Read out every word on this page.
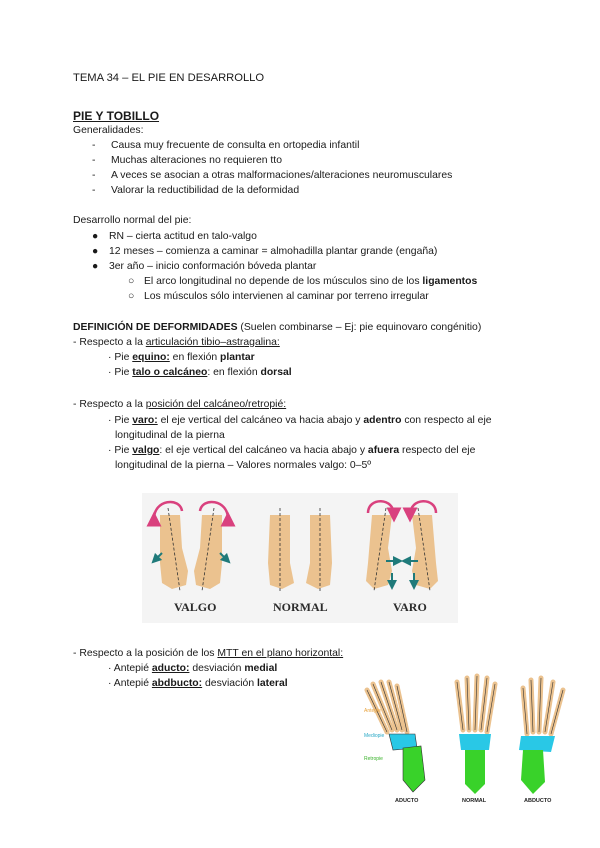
TEMA 34 – EL PIE EN DESARROLLO
PIE Y TOBILLO
Generalidades:
- Causa muy frecuente de consulta en ortopedia infantil
- Muchas alteraciones no requieren tto
- A veces se asocian a otras malformaciones/alteraciones neuromusculares
- Valorar la reductibilidad de la deformidad
Desarrollo normal del pie:
● RN – cierta actitud en talo-valgo
● 12 meses – comienza a caminar = almohadilla plantar grande (engaña)
● 3er año – inicio conformación bóveda plantar
○ El arco longitudinal no depende de los músculos sino de los ligamentos
○ Los músculos sólo intervienen al caminar por terreno irregular
DEFINICIÓN DE DEFORMIDADES (Suelen combinarse – Ej: pie equinovaro congénitio)
- Respecto a la articulación tibio–astragalina:
· Pie equino: en flexión plantar
· Pie talo o calcáneo: en flexión dorsal
- Respecto a la posición del calcáneo/retropié:
· Pie varo: el eje vertical del calcáneo va hacia abajo y adentro con respecto al eje
longitudinal de la pierna
· Pie valgo: el eje vertical del calcáneo va hacia abajo y afuera respecto del eje
longitudinal de la pierna – Valores normales valgo: 0–5º
VALGO	NORMAL	VARO
- Respecto a la posición de los MTT en el plano horizontal:
· Antepié aducto: desviación medial
· Antepié abdbucto: desviación lateral
Antepie
Mediopie
Retropie
ADUCTO	NORMAL	ABDUCTO
